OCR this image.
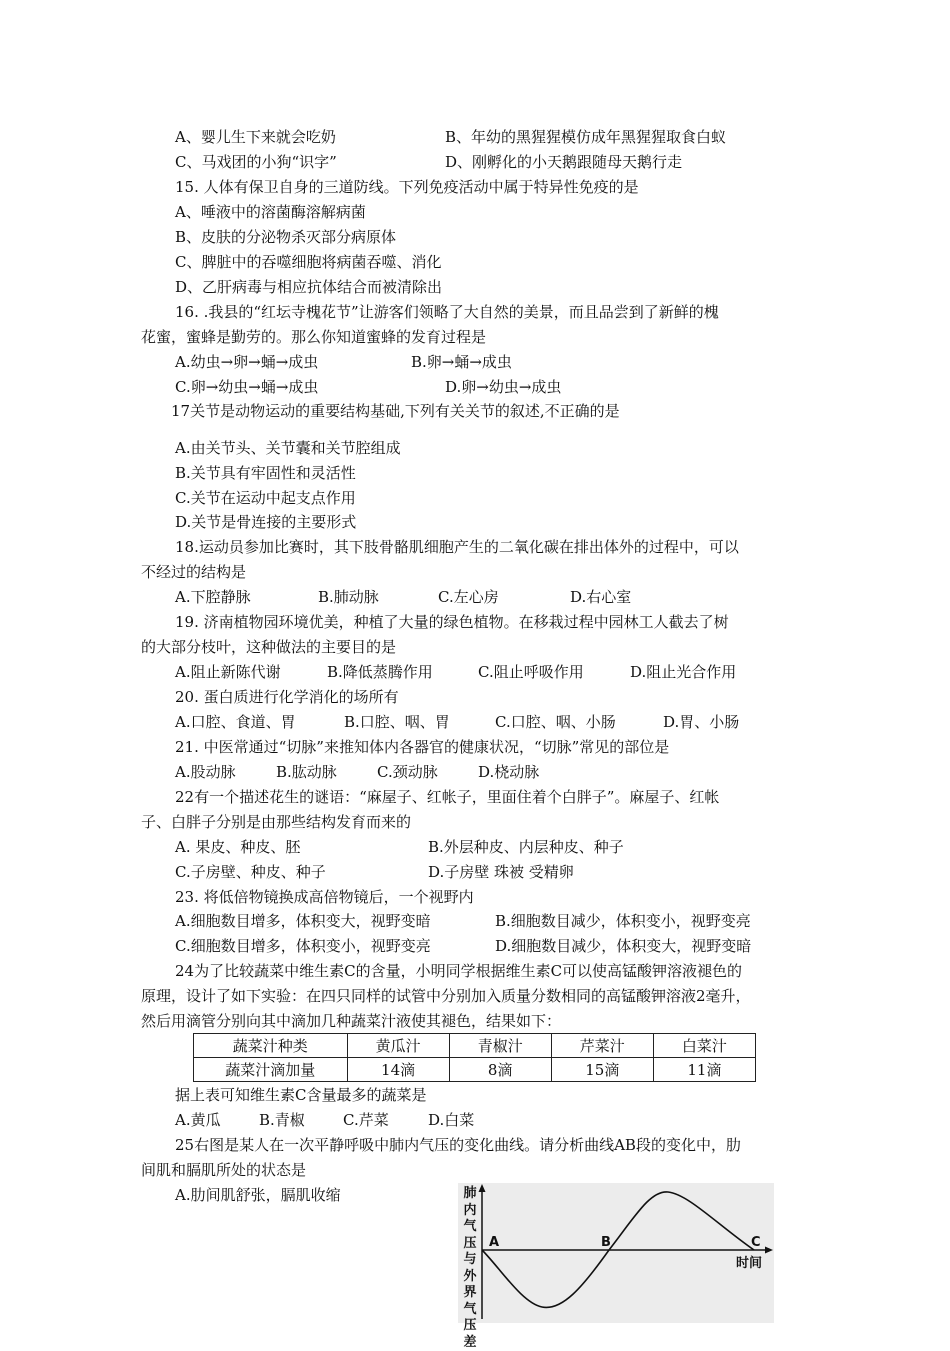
A、婴儿生下来就会吃奶	B、年幼的黑猩猩模仿成年黑猩猩取食白蚁
C、马戏团的小狗“识字”	D、刚孵化的小天鹅跟随母天鹅行走
15. 人体有保卫自身的三道防线。下列免疫活动中属于特异性免疫的是
A、唾液中的溶菌酶溶解病菌
B、皮肤的分泌物杀灭部分病原体
C、脾脏中的吞噬细胞将病菌吞噬、消化
D、乙肝病毒与相应抗体结合而被清除出
16. .我县的“红坛寺槐花节”让游客们领略了大自然的美景，而且品尝到了新鲜的槐
花蜜，蜜蜂是勤劳的。那么你知道蜜蜂的发育过程是
A.幼虫→卵→蛹→成虫	B.卵→蛹→成虫
C.卵→幼虫→蛹→成虫	D.卵→幼虫→成虫
17关节是动物运动的重要结构基础,下列有关关节的叙述,不正确的是
A.由关节头、关节囊和关节腔组成
B.关节具有牢固性和灵活性
C.关节在运动中起支点作用
D.关节是骨连接的主要形式
18.运动员参加比赛时，其下肢骨骼肌细胞产生的二氧化碳在排出体外的过程中，可以
不经过的结构是
A.下腔静脉	B.肺动脉	C.左心房	D.右心室
19. 济南植物园环境优美，种植了大量的绿色植物。在移栽过程中园林工人截去了树
的大部分枝叶，这种做法的主要目的是
A.阻止新陈代谢	B.降低蒸腾作用	C.阻止呼吸作用	D.阻止光合作用
20. 蛋白质进行化学消化的场所有
A.口腔、食道、胃	B.口腔、咽、胃	C.口腔、咽、小肠	D.胃、小肠
21. 中医常通过“切脉”来推知体内各器官的健康状况，“切脉”常见的部位是
A.股动脉	B.肱动脉	C.颈动脉	D.桡动脉
22有一个描述花生的谜语：“麻屋子、红帐子，里面住着个白胖子”。麻屋子、红帐
子、白胖子分别是由那些结构发育而来的
A. 果皮、种皮、胚	B.外层种皮、内层种皮、种子
C.子房壁、种皮、种子	D.子房壁 珠被 受精卵
23. 将低倍物镜换成高倍物镜后，一个视野内
A.细胞数目增多，体积变大，视野变暗	B.细胞数目减少，体积变小，视野变亮
C.细胞数目增多，体积变小，视野变亮	D.细胞数目减少，体积变大，视野变暗
24为了比较蔬菜中维生素C的含量，小明同学根据维生素C可以使高锰酸钾溶液褪色的
原理，设计了如下实验：在四只同样的试管中分别加入质量分数相同的高锰酸钾溶液2毫升，
然后用滴管分别向其中滴加几种蔬菜汁液使其褪色，结果如下：
蔬菜汁种类	黄瓜汁	青椒汁	芹菜汁	白菜汁
蔬菜汁滴加量	14滴	8滴	15滴	11滴
据上表可知维生素C含量最多的蔬菜是
A.黄瓜	B.青椒	C.芹菜	D.白菜
25右图是某人在一次平静呼吸中肺内气压的变化曲线。请分析曲线AB段的变化中，肋
间肌和膈肌所处的状态是
A.肋间肌舒张，膈肌收缩	肺内气压与外界气压差
A	B	C
时间
